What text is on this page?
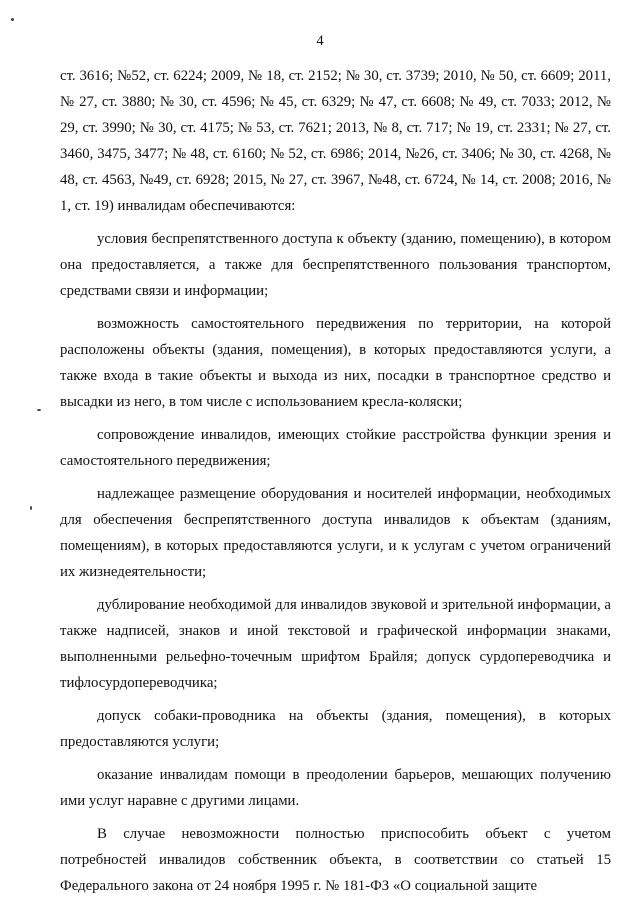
4

ст. 3616; №52, ст. 6224; 2009, № 18, ст. 2152; № 30, ст. 3739; 2010, № 50, ст. 6609; 2011, № 27, ст. 3880; № 30, ст. 4596; № 45, ст. 6329; № 47, ст. 6608; № 49, ст. 7033; 2012, № 29, ст. 3990; № 30, ст. 4175; № 53, ст. 7621; 2013, № 8, ст. 717; № 19, ст. 2331; № 27, ст. 3460, 3475, 3477; № 48, ст. 6160; № 52, ст. 6986; 2014, №26, ст. 3406; № 30, ст. 4268, № 48, ст. 4563, №49, ст. 6928; 2015, № 27, ст. 3967, №48, ст. 6724, № 14, ст. 2008; 2016, № 1, ст. 19) инвалидам обеспечиваются:

условия беспрепятственного доступа к объекту (зданию, помещению), в котором она предоставляется, а также для беспрепятственного пользования транспортом, средствами связи и информации;

возможность самостоятельного передвижения по территории, на которой расположены объекты (здания, помещения), в которых предоставляются услуги, а также входа в такие объекты и выхода из них, посадки в транспортное средство и высадки из него, в том числе с использованием кресла-коляски;

сопровождение инвалидов, имеющих стойкие расстройства функции зрения и самостоятельного передвижения;

надлежащее размещение оборудования и носителей информации, необходимых для обеспечения беспрепятственного доступа инвалидов к объектам (зданиям, помещениям), в которых предоставляются услуги, и к услугам с учетом ограничений их жизнедеятельности;

дублирование необходимой для инвалидов звуковой и зрительной информации, а также надписей, знаков и иной текстовой и графической информации знаками, выполненными рельефно-точечным шрифтом Брайля; допуск сурдопереводчика и тифлосурдопереводчика;

допуск собаки-проводника на объекты (здания, помещения), в которых предоставляются услуги;

оказание инвалидам помощи в преодолении барьеров, мешающих получению ими услуг наравне с другими лицами.

В случае невозможности полностью приспособить объект с учетом потребностей инвалидов собственник объекта, в соответствии со статьей 15 Федерального закона от 24 ноября 1995 г. № 181-ФЗ «О социальной защите
